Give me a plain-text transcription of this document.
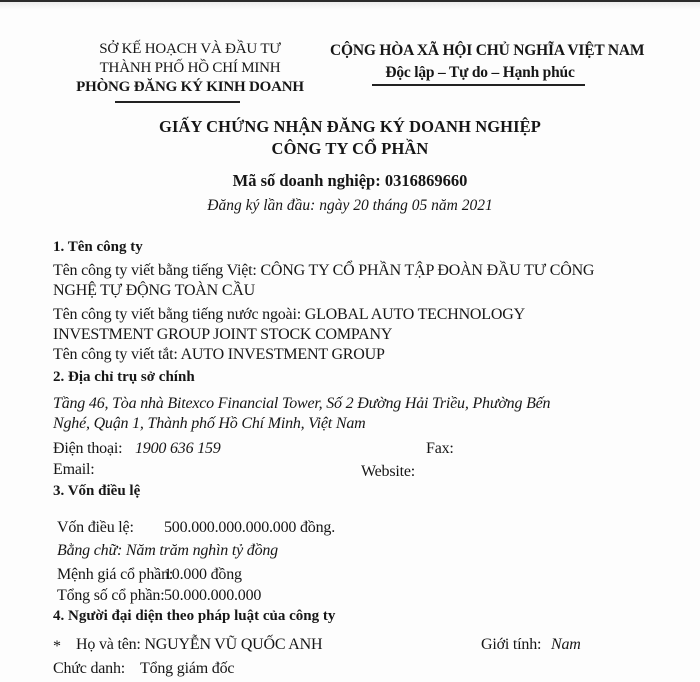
SỞ KẾ HOẠCH VÀ ĐẦU TƯ
THÀNH PHỐ HỒ CHÍ MINH
PHÒNG ĐĂNG KÝ KINH DOANH
CỘNG HÒA XÃ HỘI CHỦ NGHĨA VIỆT NAM
Độc lập – Tự do – Hạnh phúc
GIẤY CHỨNG NHẬN ĐĂNG KÝ DOANH NGHIỆP
CÔNG TY CỔ PHẦN
Mã số doanh nghiệp: 0316869660
Đăng ký lần đầu: ngày 20 tháng 05 năm 2021
1. Tên công ty
Tên công ty viết bằng tiếng Việt: CÔNG TY CỔ PHẦN TẬP ĐOÀN ĐẦU TƯ CÔNG
NGHỆ TỰ ĐỘNG TOÀN CẦU
Tên công ty viết bằng tiếng nước ngoài: GLOBAL AUTO TECHNOLOGY
INVESTMENT GROUP JOINT STOCK COMPANY
Tên công ty viết tắt: AUTO INVESTMENT GROUP
2. Địa chỉ trụ sở chính
Tầng 46, Tòa nhà Bitexco Financial Tower, Số 2 Đường Hải Triều, Phường Bến
Nghé, Quận 1, Thành phố Hồ Chí Minh, Việt Nam
Điện thoại: 1900 636 159	Fax:
Email:	Website:
3. Vốn điều lệ
Vốn điều lệ: 500.000.000.000.000 đồng.
Bằng chữ: Năm trăm nghìn tỷ đồng
Mệnh giá cổ phần:
10.000 đồng
Tổng số cổ phần: 50.000.000.000
4. Người đại diện theo pháp luật của công ty
* Họ và tên: NGUYỄN VŨ QUỐC ANH	Giới tính: Nam
Chức danh: Tổng giám đốc
